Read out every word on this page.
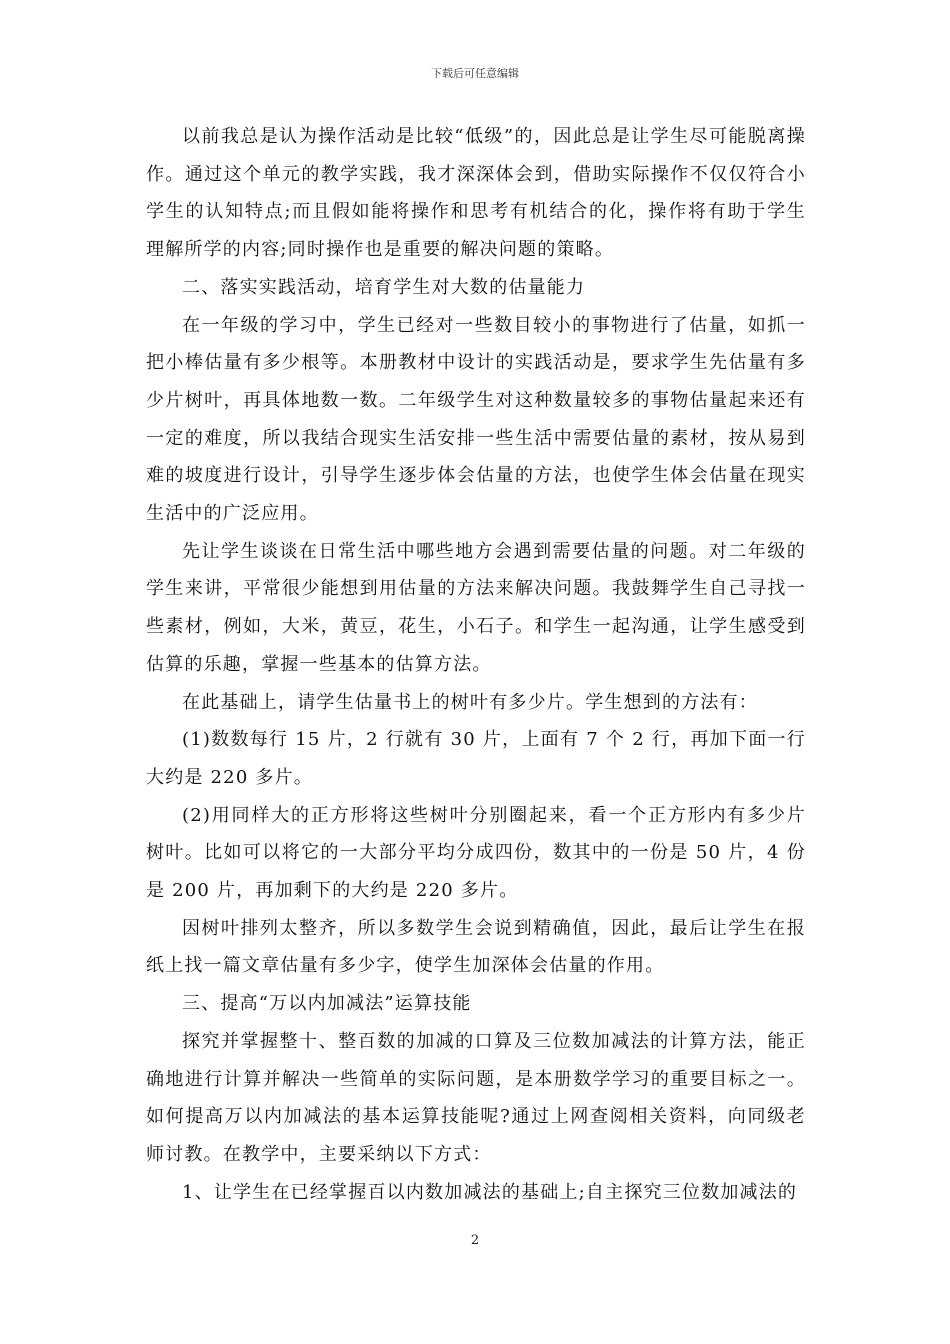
下载后可任意编辑

以前我总是认为操作活动是比较“低级”的，因此总是让学生尽可能脱离操作。通过这个单元的教学实践，我才深深体会到，借助实际操作不仅仅符合小学生的认知特点;而且假如能将操作和思考有机结合的化，操作将有助于学生理解所学的内容;同时操作也是重要的解决问题的策略。

二、落实实践活动，培育学生对大数的估量能力

在一年级的学习中，学生已经对一些数目较小的事物进行了估量，如抓一把小棒估量有多少根等。本册教材中设计的实践活动是，要求学生先估量有多少片树叶，再具体地数一数。二年级学生对这种数量较多的事物估量起来还有一定的难度，所以我结合现实生活安排一些生活中需要估量的素材，按从易到难的坡度进行设计，引导学生逐步体会估量的方法，也使学生体会估量在现实生活中的广泛应用。

先让学生谈谈在日常生活中哪些地方会遇到需要估量的问题。对二年级的学生来讲，平常很少能想到用估量的方法来解决问题。我鼓舞学生自己寻找一些素材，例如，大米，黄豆，花生，小石子。和学生一起沟通，让学生感受到估算的乐趣，掌握一些基本的估算方法。

在此基础上，请学生估量书上的树叶有多少片。学生想到的方法有：

(1)数数每行 15 片，2 行就有 30 片，上面有 7 个 2 行，再加下面一行大约是 220 多片。

(2)用同样大的正方形将这些树叶分别圈起来，看一个正方形内有多少片树叶。比如可以将它的一大部分平均分成四份，数其中的一份是 50 片，4 份是 200 片，再加剩下的大约是 220 多片。

因树叶排列太整齐，所以多数学生会说到精确值，因此，最后让学生在报纸上找一篇文章估量有多少字，使学生加深体会估量的作用。

三、提高“万以内加减法”运算技能

探究并掌握整十、整百数的加减的口算及三位数加减法的计算方法，能正确地进行计算并解决一些简单的实际问题，是本册数学学习的重要目标之一。如何提高万以内加减法的基本运算技能呢?通过上网查阅相关资料，向同级老师讨教。在教学中，主要采纳以下方式：

1、让学生在已经掌握百以内数加减法的基础上;自主探究三位数加减法的

2
